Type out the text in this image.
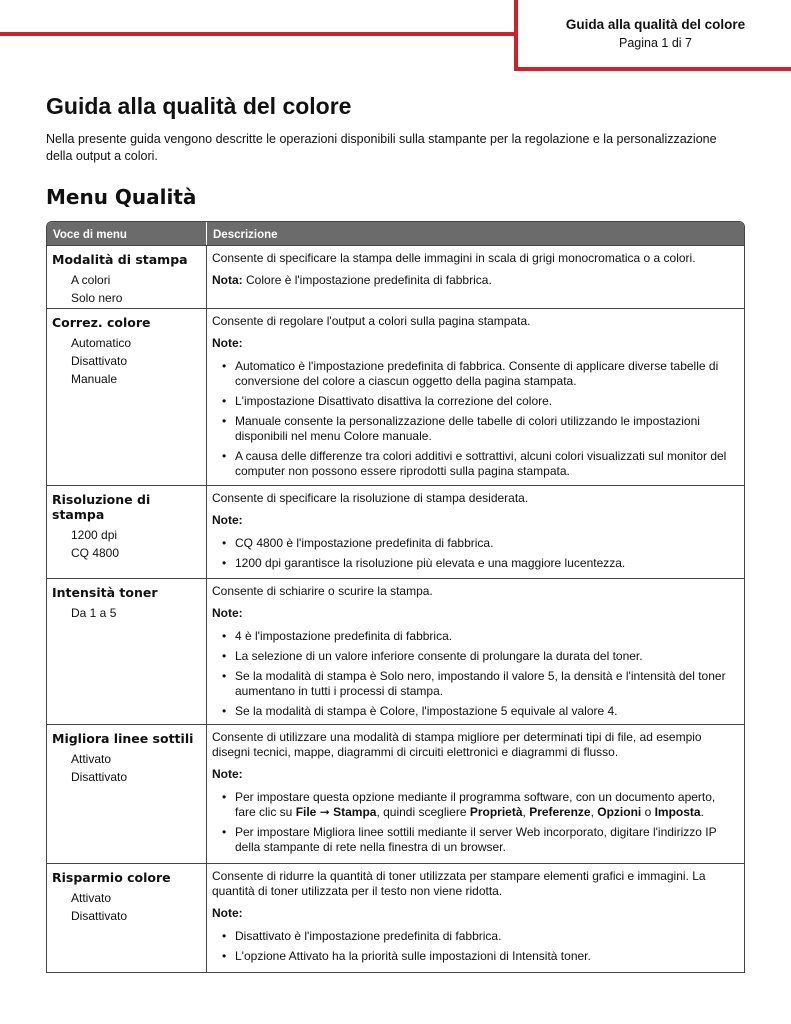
Guida alla qualità del colore
Pagina 1 di 7
Guida alla qualità del colore

Nella presente guida vengono descritte le operazioni disponibili sulla stampante per la regolazione e la personalizzazione della output a colori.

Menu Qualità
Voce di menu	Descrizione
Modalità di stampa
A colori
Solo nero

Consente di specificare la stampa delle immagini in scala di grigi monocromatica o a colori.

Nota: Colore è l'impostazione predefinita di fabbrica.

Correz. colore
Automatico
Disattivato
Manuale

Consente di regolare l'output a colori sulla pagina stampata.

Note:

• Automatico è l'impostazione predefinita di fabbrica. Consente di applicare diverse tabelle di conversione del colore a ciascun oggetto della pagina stampata.
• L'impostazione Disattivato disattiva la correzione del colore.
• Manuale consente la personalizzazione delle tabelle di colori utilizzando le impostazioni disponibili nel menu Colore manuale.
• A causa delle differenze tra colori additivi e sottrattivi, alcuni colori visualizzati sul monitor del computer non possono essere riprodotti sulla pagina stampata.
Risoluzione di stampa
1200 dpi
CQ 4800

Consente di specificare la risoluzione di stampa desiderata.

Note:

• CQ 4800 è l'impostazione predefinita di fabbrica.
• 1200 dpi garantisce la risoluzione più elevata e una maggiore lucentezza.
Intensità toner
Da 1 a 5

Consente di schiarire o scurire la stampa.

Note:

• 4 è l'impostazione predefinita di fabbrica.
• La selezione di un valore inferiore consente di prolungare la durata del toner.
• Se la modalità di stampa è Solo nero, impostando il valore 5, la densità e l'intensità del toner aumentano in tutti i processi di stampa.
• Se la modalità di stampa è Colore, l'impostazione 5 equivale al valore 4.
Migliora linee sottili
Attivato
Disattivato

Consente di utilizzare una modalità di stampa migliore per determinati tipi di file, ad esempio disegni tecnici, mappe, diagrammi di circuiti elettronici e diagrammi di flusso.

Note:

• Per impostare questa opzione mediante il programma software, con un documento aperto, fare clic su File ➞ Stampa, quindi scegliere Proprietà, Preferenze, Opzioni o Imposta.
• Per impostare Migliora linee sottili mediante il server Web incorporato, digitare l'indirizzo IP della stampante di rete nella finestra di un browser.
Risparmio colore
Attivato
Disattivato

Consente di ridurre la quantità di toner utilizzata per stampare elementi grafici e immagini. La quantità di toner utilizzata per il testo non viene ridotta.

Note:

• Disattivato è l'impostazione predefinita di fabbrica.
• L'opzione Attivato ha la priorità sulle impostazioni di Intensità toner.
